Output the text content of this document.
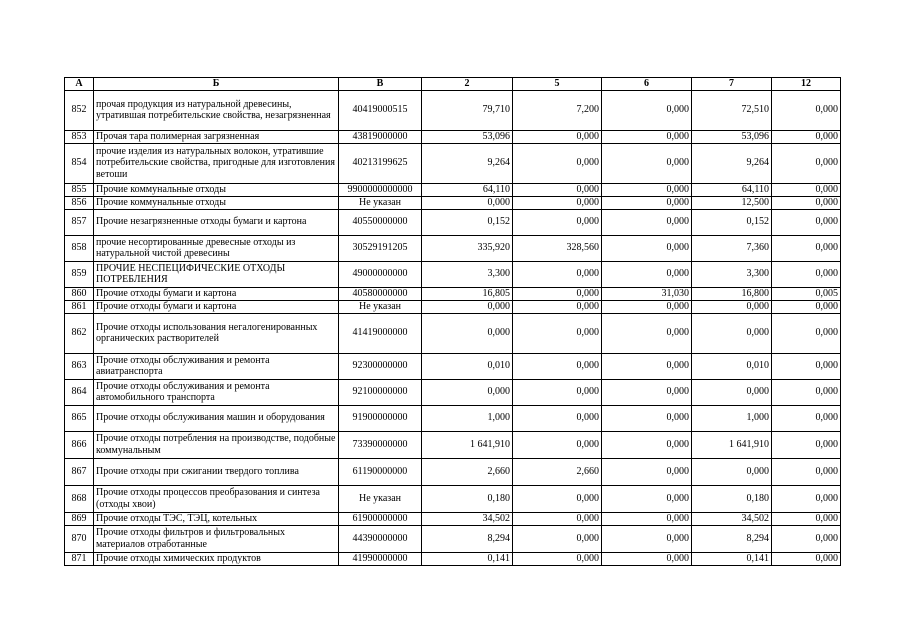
А	Б	В	2	5	6	7	12
852	прочая продукция из натуральной древесины, утратившая потребительские свойства, незагрязненная	40419000515	79,710	7,200	0,000	72,510	0,000
853	Прочая тара полимерная загрязненная	43819000000	53,096	0,000	0,000	53,096	0,000
854	прочие изделия из натуральных волокон, утратившие потребительские свойства, пригодные для изготовления ветоши	40213199625	9,264	0,000	0,000	9,264	0,000
855	Прочие коммунальные отходы	9900000000000	64,110	0,000	0,000	64,110	0,000
856	Прочие коммунальные отходы	Не указан	0,000	0,000	0,000	12,500	0,000
857	Прочие незагрязненные отходы бумаги и картона	40550000000	0,152	0,000	0,000	0,152	0,000
858	прочие несортированные древесные отходы из натуральной чистой древесины	30529191205	335,920	328,560	0,000	7,360	0,000
859	ПРОЧИЕ НЕСПЕЦИФИЧЕСКИЕ ОТХОДЫ ПОТРЕБЛЕНИЯ	49000000000	3,300	0,000	0,000	3,300	0,000
860	Прочие отходы бумаги и картона	40580000000	16,805	0,000	31,030	16,800	0,005
861	Прочие отходы бумаги и картона	Не указан	0,000	0,000	0,000	0,000	0,000
862	Прочие отходы использования негалогенированных органических растворителей	41419000000	0,000	0,000	0,000	0,000	0,000
863	Прочие отходы обслуживания и ремонта авиатранспорта	92300000000	0,010	0,000	0,000	0,010	0,000
864	Прочие отходы обслуживания и ремонта автомобильного транспорта	92100000000	0,000	0,000	0,000	0,000	0,000
865	Прочие отходы обслуживания машин и оборудования	91900000000	1,000	0,000	0,000	1,000	0,000
866	Прочие отходы потребления на производстве, подобные коммунальным	73390000000	1 641,910	0,000	0,000	1 641,910	0,000
867	Прочие отходы при сжигании твердого топлива	61190000000	2,660	2,660	0,000	0,000	0,000
868	Прочие отходы процессов преобразования и синтеза (отходы хвои)	Не указан	0,180	0,000	0,000	0,180	0,000
869	Прочие отходы ТЭС, ТЭЦ, котельных	61900000000	34,502	0,000	0,000	34,502	0,000
870	Прочие отходы фильтров и фильтровальных материалов отработанные	44390000000	8,294	0,000	0,000	8,294	0,000
871	Прочие отходы химических продуктов	41990000000	0,141	0,000	0,000	0,141	0,000
